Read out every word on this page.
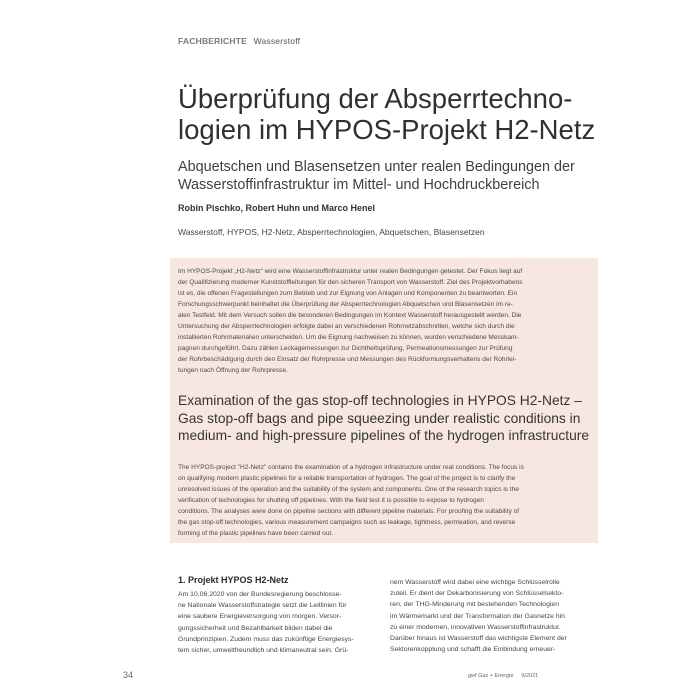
FACHBERICHTE Wasserstoff
Überprüfung der Absperrtechno-
logien im HYPOS-Projekt H2-Netz
Abquetschen und Blasensetzen unter realen Bedingungen der
Wasserstoffinfrastruktur im Mittel- und Hochdruckbereich
Robin Pischko, Robert Huhn und Marco Henel
Wasserstoff, HYPOS, H2-Netz, Absperrtechnologien, Abquetschen, Blasensetzen
Im HYPOS-Projekt „H2-Netz“ wird eine Wasserstoffinfrastruktur unter realen Bedingungen getestet. Der Fokus liegt auf
der Qualifizierung moderner Kunststoffleitungen für den sicheren Transport von Wasserstoff. Ziel des Projektvorhabens
ist es, die offenen Fragestellungen zum Betrieb und zur Eignung von Anlagen und Komponenten zu beantworten. Ein
Forschungsschwerpunkt beinhaltet die Überprüfung der Absperrtechnologien Abquetschen und Blasensetzen im re-
alen Testfeld. Mit dem Versuch sollen die besonderen Bedingungen im Kontext Wasserstoff herausgestellt werden. Die
Untersuchung der Absperrtechnologien erfolgte dabei an verschiedenen Rohrnetzabschnitten, welche sich durch die
installierten Rohrmaterialien unterscheiden. Um die Eignung nachweisen zu können, wurden verschiedene Messkam-
pagnen durchgeführt. Dazu zählen Leckagemessungen zur Dichtheitsprüfung, Permeationsmessungen zur Prüfung
der Rohrbeschädigung durch den Einsatz der Rohrpresse und Messungen des Rückformungsverhaltens der Rohrlei-
tungen nach Öffnung der Rohrpresse.
Examination of the gas stop-off technologies in HYPOS H2-Netz –
Gas stop-off bags and pipe squeezing under realistic conditions in
medium- and high-pressure pipelines of the hydrogen infrastructure
The HYPOS-project "H2-Netz" contains the examination of a hydrogen infrastructure under real conditions. The focus is
on qualifying modern plastic pipelines for a reliable transportation of hydrogen. The goal of the project is to clarify the
unresolved issues of the operation and the suitability of the system and components. One of the research topics is the
verification of technologies for shutting off pipelines. With the field test it is possible to expose to hydrogen
conditions. The analyses were done on pipeline sections with different pipeline materials. For proofing the suitability of
the gas stop-off technologies, various measurement campaigns such as leakage, tightness, permeation, and reverse
forming of the plastic pipelines have been carried out.
1. Projekt HYPOS H2-Netz
Am 10.06.2020 von der Bundesregierung beschlosse-
ne Nationale Wasserstoffstrategie setzt die Leitlinien für
eine saubere Energieversorgung von morgen. Versor-
gungssicherheit und Bezahlbarkeit bilden dabei die
Grundprinzipien. Zudem muss das zukünftige Energiesys-
tem sicher, umweltfreundlich und klimaneutral sein. Grü-
nem Wasserstoff wird dabei eine wichtige Schlüsselrolle
zuteil. Er dient der Dekarbonisierung von Schlüsselsekto-
ren, der THG-Minderung mit bestehenden Technologien
im Wärmemarkt und der Transformation der Gasnetze hin
zu einer modernen, innovativen Wasserstoffinfrastruktur.
Darüber hinaus ist Wasserstoff das wichtigste Element der
Sektorenkopplung und schafft die Einbindung erneuer-
34	gwf Gas + Energie 9/2021
